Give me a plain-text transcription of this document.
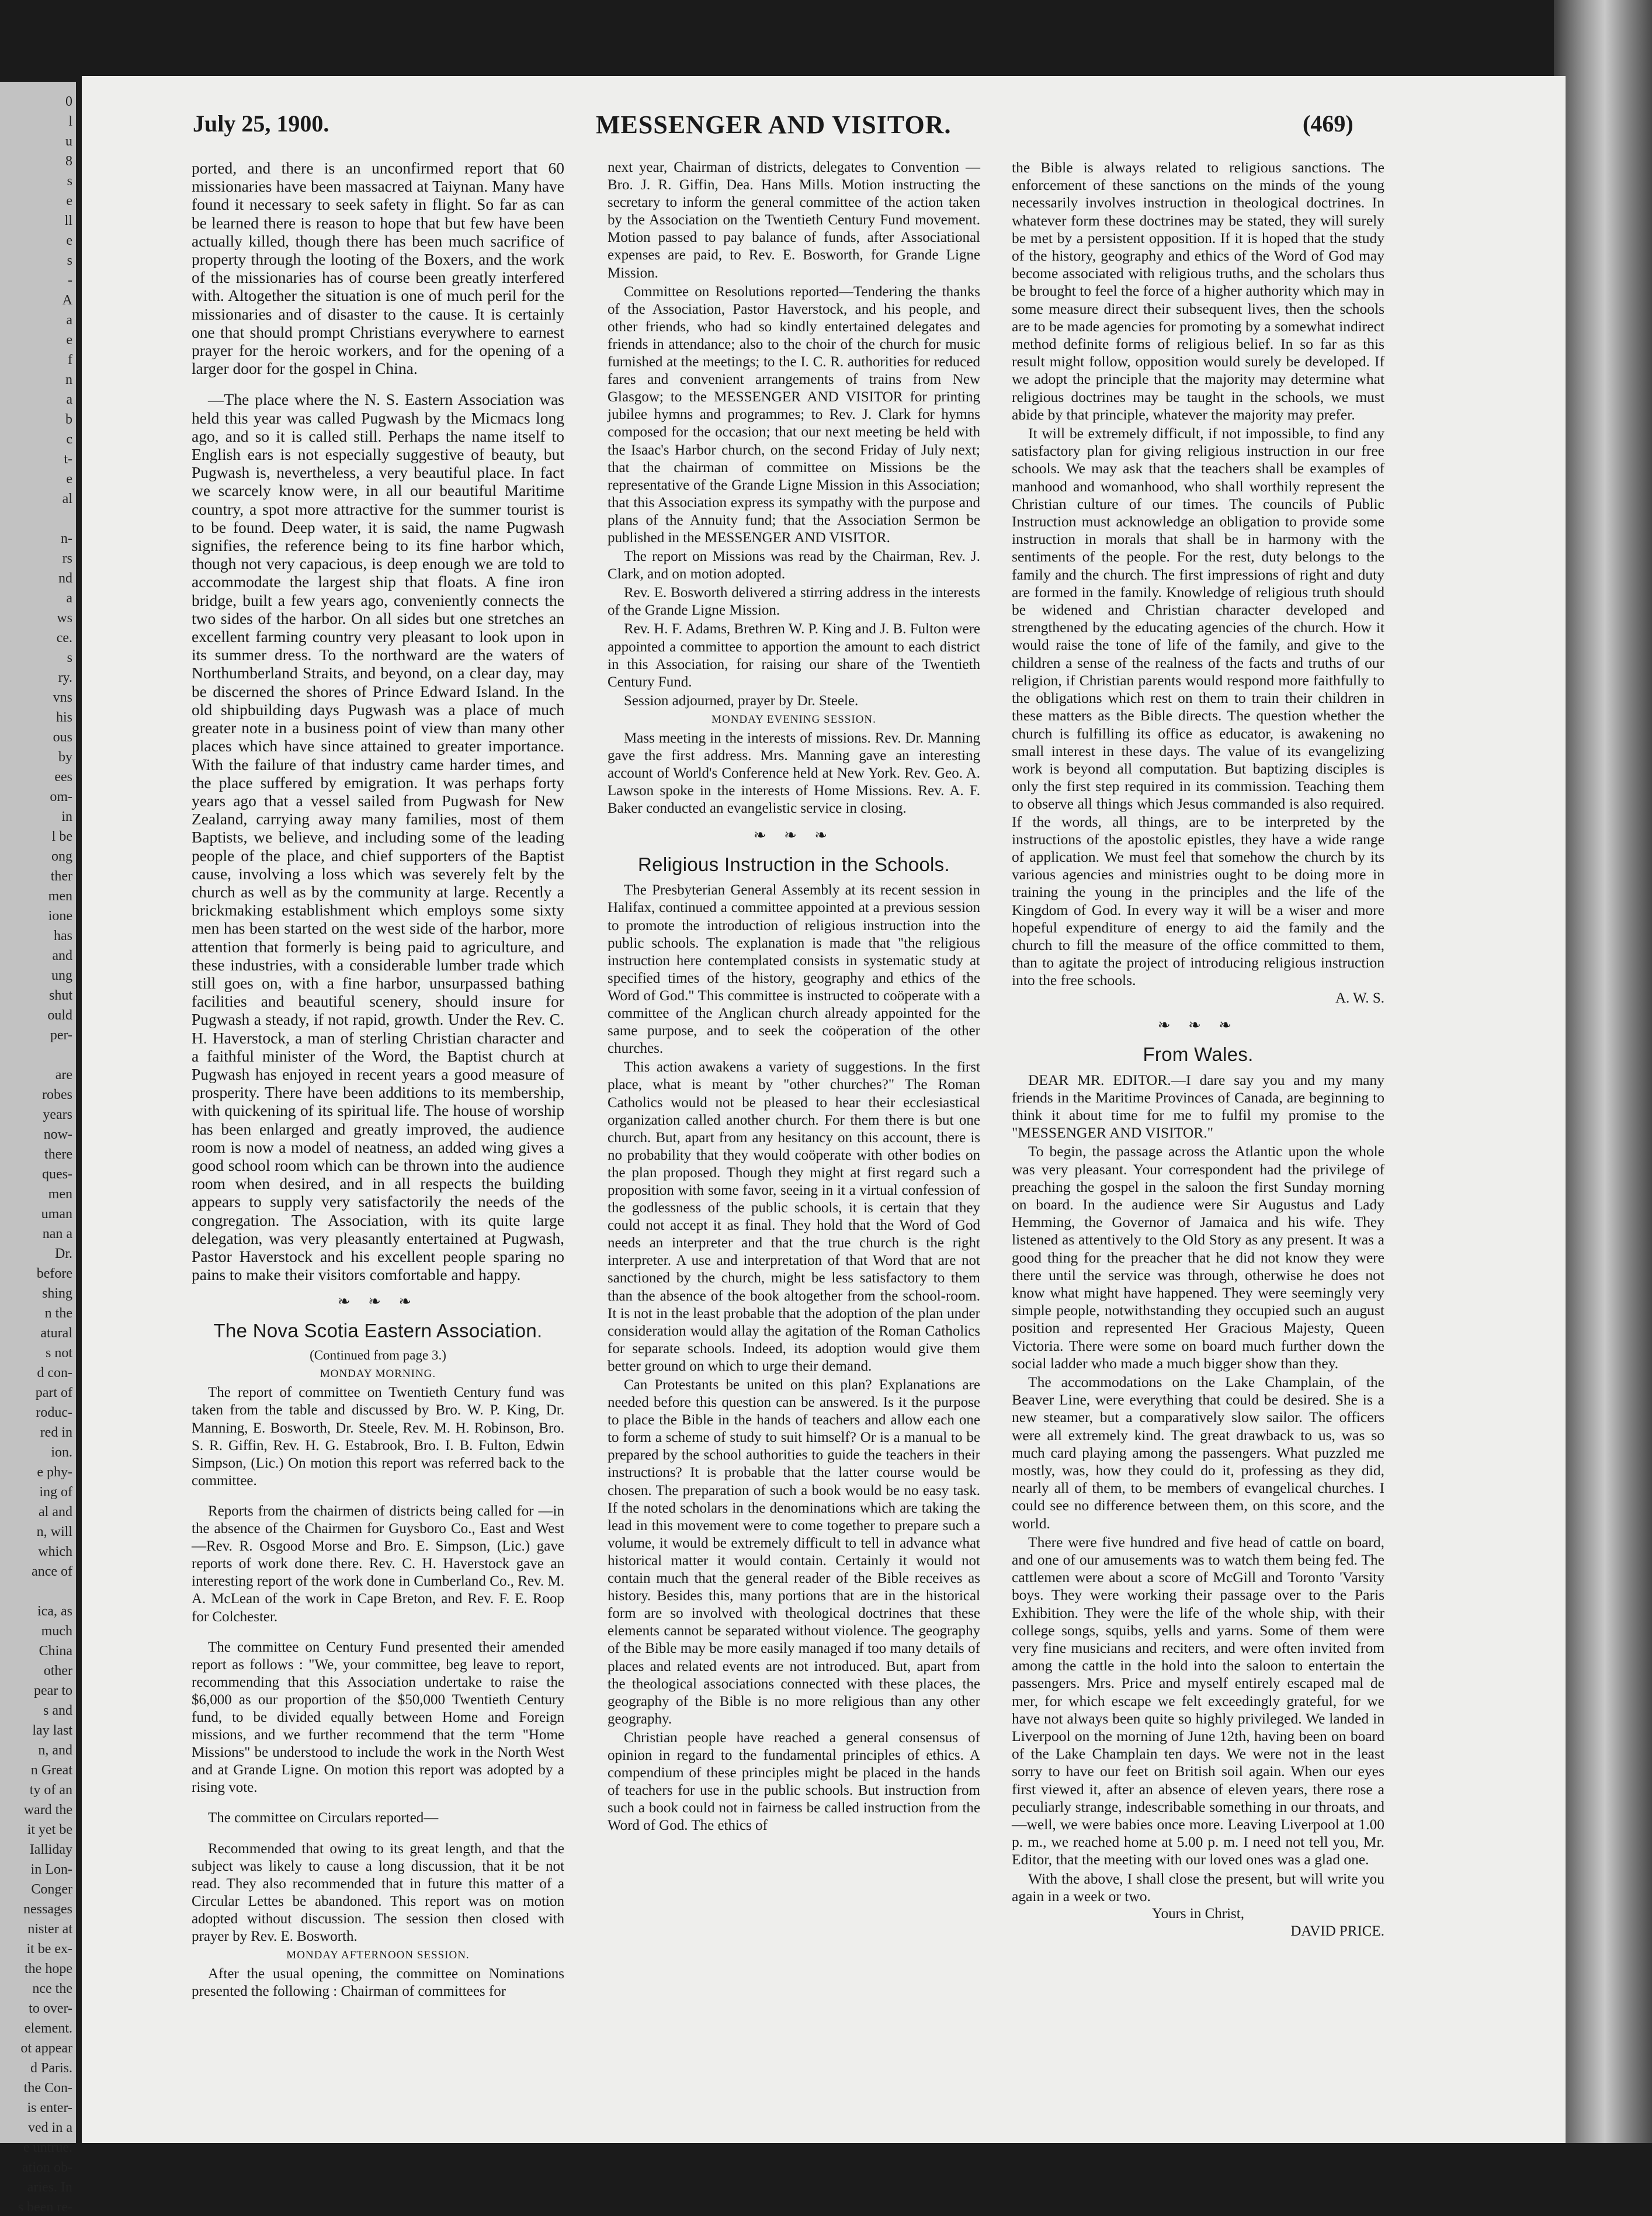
0
l
u
8
s
e
ll
e
s
-
A
a
e
f
n
a
b
c
t-
e
al
n-
rs
nd
a
ws
ce.
s
ry.
vns
his
ous
by
ees
om-
in
l be
ong
ther
men
ione
has
and
ung
shut
ould
per-
are
robes
years
now-
there
ques-
men
uman
nan a
Dr.
before
shing
n the
atural
s not
d con-
part of
roduc-
red in
ion.
e phy-
ing of
al and
n, will
which
ance of
ica, as
much
China
other
pear to
s and
lay last
n, and
n Great
ty of an
ward the
it yet be
Ialliday
in Lon-
Conger
nessages
nister at
it be ex-
the hope
nce the
to over-
element.
ot appear
d Paris.
the Con-
is enter-
ved in a
e untrue.
ation ob-
aries. In
s been re-
July 25, 1900.	MESSENGER AND VISITOR.	(469)

ported, and there is an unconfirmed report that 60 missionaries have been massacred at Taiynan. Many have found it necessary to seek safety in flight. So far as can be learned there is reason to hope that but few have been actually killed, though there has been much sacrifice of property through the looting of the Boxers, and the work of the missionaries has of course been greatly interfered with. Altogether the situation is one of much peril for the missionaries and of disaster to the cause. It is certainly one that should prompt Christians everywhere to earnest prayer for the heroic workers, and for the opening of a larger door for the gospel in China.

—The place where the N. S. Eastern Association was held this year was called Pugwash by the Micmacs long ago, and so it is called still. Perhaps the name itself to English ears is not especially suggestive of beauty, but Pugwash is, nevertheless, a very beautiful place. In fact we scarcely know were, in all our beautiful Maritime country, a spot more attractive for the summer tourist is to be found. Deep water, it is said, the name Pugwash signifies, the reference being to its fine harbor which, though not very capacious, is deep enough we are told to accommodate the largest ship that floats. A fine iron bridge, built a few years ago, conveniently connects the two sides of the harbor. On all sides but one stretches an excellent farming country very pleasant to look upon in its summer dress. To the northward are the waters of Northumberland Straits, and beyond, on a clear day, may be discerned the shores of Prince Edward Island. In the old shipbuilding days Pugwash was a place of much greater note in a business point of view than many other places which have since attained to greater importance. With the failure of that industry came harder times, and the place suffered by emigration. It was perhaps forty years ago that a vessel sailed from Pugwash for New Zealand, carrying away many families, most of them Baptists, we believe, and including some of the leading people of the place, and chief supporters of the Baptist cause, involving a loss which was severely felt by the church as well as by the community at large. Recently a brickmaking establishment which employs some sixty men has been started on the west side of the harbor, more attention that formerly is being paid to agriculture, and these industries, with a considerable lumber trade which still goes on, with a fine harbor, unsurpassed bathing facilities and beautiful scenery, should insure for Pugwash a steady, if not rapid, growth. Under the Rev. C. H. Haverstock, a man of sterling Christian character and a faithful minister of the Word, the Baptist church at Pugwash has enjoyed in recent years a good measure of prosperity. There have been additions to its membership, with quickening of its spiritual life. The house of worship has been enlarged and greatly improved, the audience room is now a model of neatness, an added wing gives a good school room which can be thrown into the audience room when desired, and in all respects the building appears to supply very satisfactorily the needs of the congregation. The Association, with its quite large delegation, was very pleasantly entertained at Pugwash, Pastor Haverstock and his excellent people sparing no pains to make their visitors comfortable and happy.

❧ ❧ ❧
The Nova Scotia Eastern Association.
(Continued from page 3.)
MONDAY MORNING.

The report of committee on Twentieth Century fund was taken from the table and discussed by Bro. W. P. King, Dr. Manning, E. Bosworth, Dr. Steele, Rev. M. H. Robinson, Bro. S. R. Giffin, Rev. H. G. Estabrook, Bro. I. B. Fulton, Edwin Simpson, (Lic.) On motion this report was referred back to the committee.

Reports from the chairmen of districts being called for —in the absence of the Chairmen for Guysboro Co., East and West—Rev. R. Osgood Morse and Bro. E. Simpson, (Lic.) gave reports of work done there. Rev. C. H. Haverstock gave an interesting report of the work done in Cumberland Co., Rev. M. A. McLean of the work in Cape Breton, and Rev. F. E. Roop for Colchester.

The committee on Century Fund presented their amended report as follows : "We, your committee, beg leave to report, recommending that this Association undertake to raise the $6,000 as our proportion of the $50,000 Twentieth Century fund, to be divided equally between Home and Foreign missions, and we further recommend that the term "Home Missions" be understood to include the work in the North West and at Grande Ligne. On motion this report was adopted by a rising vote.

The committee on Circulars reported—

Recommended that owing to its great length, and that the subject was likely to cause a long discussion, that it be not read. They also recommended that in future this matter of a Circular Lettes be abandoned. This report was on motion adopted without discussion. The session then closed with prayer by Rev. E. Bosworth.

MONDAY AFTERNOON SESSION.

After the usual opening, the committee on Nominations presented the following : Chairman of committees for

next year, Chairman of districts, delegates to Convention —Bro. J. R. Giffin, Dea. Hans Mills. Motion instructing the secretary to inform the general committee of the action taken by the Association on the Twentieth Century Fund movement. Motion passed to pay balance of funds, after Associational expenses are paid, to Rev. E. Bosworth, for Grande Ligne Mission.

Committee on Resolutions reported—Tendering the thanks of the Association, Pastor Haverstock, and his people, and other friends, who had so kindly entertained delegates and friends in attendance; also to the choir of the church for music furnished at the meetings; to the I. C. R. authorities for reduced fares and convenient arrangements of trains from New Glasgow; to the MESSENGER AND VISITOR for printing jubilee hymns and programmes; to Rev. J. Clark for hymns composed for the occasion; that our next meeting be held with the Isaac's Harbor church, on the second Friday of July next; that the chairman of committee on Missions be the representative of the Grande Ligne Mission in this Association; that this Association express its sympathy with the purpose and plans of the Annuity fund; that the Association Sermon be published in the MESSENGER AND VISITOR.

The report on Missions was read by the Chairman, Rev. J. Clark, and on motion adopted.

Rev. E. Bosworth delivered a stirring address in the interests of the Grande Ligne Mission.

Rev. H. F. Adams, Brethren W. P. King and J. B. Fulton were appointed a committee to apportion the amount to each district in this Association, for raising our share of the Twentieth Century Fund.

Session adjourned, prayer by Dr. Steele.

MONDAY EVENING SESSION.

Mass meeting in the interests of missions. Rev. Dr. Manning gave the first address. Mrs. Manning gave an interesting account of World's Conference held at New York. Rev. Geo. A. Lawson spoke in the interests of Home Missions. Rev. A. F. Baker conducted an evangelistic service in closing.

❧ ❧ ❧
Religious Instruction in the Schools.

The Presbyterian General Assembly at its recent session in Halifax, continued a committee appointed at a previous session to promote the introduction of religious instruction into the public schools. The explanation is made that "the religious instruction here contemplated consists in systematic study at specified times of the history, geography and ethics of the Word of God." This committee is instructed to coöperate with a committee of the Anglican church already appointed for the same purpose, and to seek the coöperation of the other churches.

This action awakens a variety of suggestions. In the first place, what is meant by "other churches?" The Roman Catholics would not be pleased to hear their ecclesiastical organization called another church. For them there is but one church. But, apart from any hesitancy on this account, there is no probability that they would coöperate with other bodies on the plan proposed. Though they might at first regard such a proposition with some favor, seeing in it a virtual confession of the godlessness of the public schools, it is certain that they could not accept it as final. They hold that the Word of God needs an interpreter and that the true church is the right interpreter. A use and interpretation of that Word that are not sanctioned by the church, might be less satisfactory to them than the absence of the book altogether from the school-room. It is not in the least probable that the adoption of the plan under consideration would allay the agitation of the Roman Catholics for separate schools. Indeed, its adoption would give them better ground on which to urge their demand.

Can Protestants be united on this plan? Explanations are needed before this question can be answered. Is it the purpose to place the Bible in the hands of teachers and allow each one to form a scheme of study to suit himself? Or is a manual to be prepared by the school authorities to guide the teachers in their instructions? It is probable that the latter course would be chosen. The preparation of such a book would be no easy task. If the noted scholars in the denominations which are taking the lead in this movement were to come together to prepare such a volume, it would be extremely difficult to tell in advance what historical matter it would contain. Certainly it would not contain much that the general reader of the Bible receives as history. Besides this, many portions that are in the historical form are so involved with theological doctrines that these elements cannot be separated without violence. The geography of the Bible may be more easily managed if too many details of places and related events are not introduced. But, apart from the theological associations connected with these places, the geography of the Bible is no more religious than any other geography.

Christian people have reached a general consensus of opinion in regard to the fundamental principles of ethics. A compendium of these principles might be placed in the hands of teachers for use in the public schools. But instruction from such a book could not in fairness be called instruction from the Word of God. The ethics of

the Bible is always related to religious sanctions. The enforcement of these sanctions on the minds of the young necessarily involves instruction in theological doctrines. In whatever form these doctrines may be stated, they will surely be met by a persistent opposition. If it is hoped that the study of the history, geography and ethics of the Word of God may become associated with religious truths, and the scholars thus be brought to feel the force of a higher authority which may in some measure direct their subsequent lives, then the schools are to be made agencies for promoting by a somewhat indirect method definite forms of religious belief. In so far as this result might follow, opposition would surely be developed. If we adopt the principle that the majority may determine what religious doctrines may be taught in the schools, we must abide by that principle, whatever the majority may prefer.

It will be extremely difficult, if not impossible, to find any satisfactory plan for giving religious instruction in our free schools. We may ask that the teachers shall be examples of manhood and womanhood, who shall worthily represent the Christian culture of our times. The councils of Public Instruction must acknowledge an obligation to provide some instruction in morals that shall be in harmony with the sentiments of the people. For the rest, duty belongs to the family and the church. The first impressions of right and duty are formed in the family. Knowledge of religious truth should be widened and Christian character developed and strengthened by the educating agencies of the church. How it would raise the tone of life of the family, and give to the children a sense of the realness of the facts and truths of our religion, if Christian parents would respond more faithfully to the obligations which rest on them to train their children in these matters as the Bible directs. The question whether the church is fulfilling its office as educator, is awakening no small interest in these days. The value of its evangelizing work is beyond all computation. But baptizing disciples is only the first step required in its commission. Teaching them to observe all things which Jesus commanded is also required. If the words, all things, are to be interpreted by the instructions of the apostolic epistles, they have a wide range of application. We must feel that somehow the church by its various agencies and ministries ought to be doing more in training the young in the principles and the life of the Kingdom of God. In every way it will be a wiser and more hopeful expenditure of energy to aid the family and the church to fill the measure of the office committed to them, than to agitate the project of introducing religious instruction into the free schools.

A. W. S.
❧ ❧ ❧
From Wales.

DEAR MR. EDITOR.—I dare say you and my many friends in the Maritime Provinces of Canada, are beginning to think it about time for me to fulfil my promise to the "MESSENGER AND VISITOR."

To begin, the passage across the Atlantic upon the whole was very pleasant. Your correspondent had the privilege of preaching the gospel in the saloon the first Sunday morning on board. In the audience were Sir Augustus and Lady Hemming, the Governor of Jamaica and his wife. They listened as attentively to the Old Story as any present. It was a good thing for the preacher that he did not know they were there until the service was through, otherwise he does not know what might have happened. They were seemingly very simple people, notwithstanding they occupied such an august position and represented Her Gracious Majesty, Queen Victoria. There were some on board much further down the social ladder who made a much bigger show than they.

The accommodations on the Lake Champlain, of the Beaver Line, were everything that could be desired. She is a new steamer, but a comparatively slow sailor. The officers were all extremely kind. The great drawback to us, was so much card playing among the passengers. What puzzled me mostly, was, how they could do it, professing as they did, nearly all of them, to be members of evangelical churches. I could see no difference between them, on this score, and the world.

There were five hundred and five head of cattle on board, and one of our amusements was to watch them being fed. The cattlemen were about a score of McGill and Toronto 'Varsity boys. They were working their passage over to the Paris Exhibition. They were the life of the whole ship, with their college songs, squibs, yells and yarns. Some of them were very fine musicians and reciters, and were often invited from among the cattle in the hold into the saloon to entertain the passengers. Mrs. Price and myself entirely escaped mal de mer, for which escape we felt exceedingly grateful, for we have not always been quite so highly privileged. We landed in Liverpool on the morning of June 12th, having been on board of the Lake Champlain ten days. We were not in the least sorry to have our feet on British soil again. When our eyes first viewed it, after an absence of eleven years, there rose a peculiarly strange, indescribable something in our throats, and—well, we were babies once more. Leaving Liverpool at 1.00 p. m., we reached home at 5.00 p. m. I need not tell you, Mr. Editor, that the meeting with our loved ones was a glad one.

With the above, I shall close the present, but will write you again in a week or two.

Yours in Christ,
DAVID PRICE.
